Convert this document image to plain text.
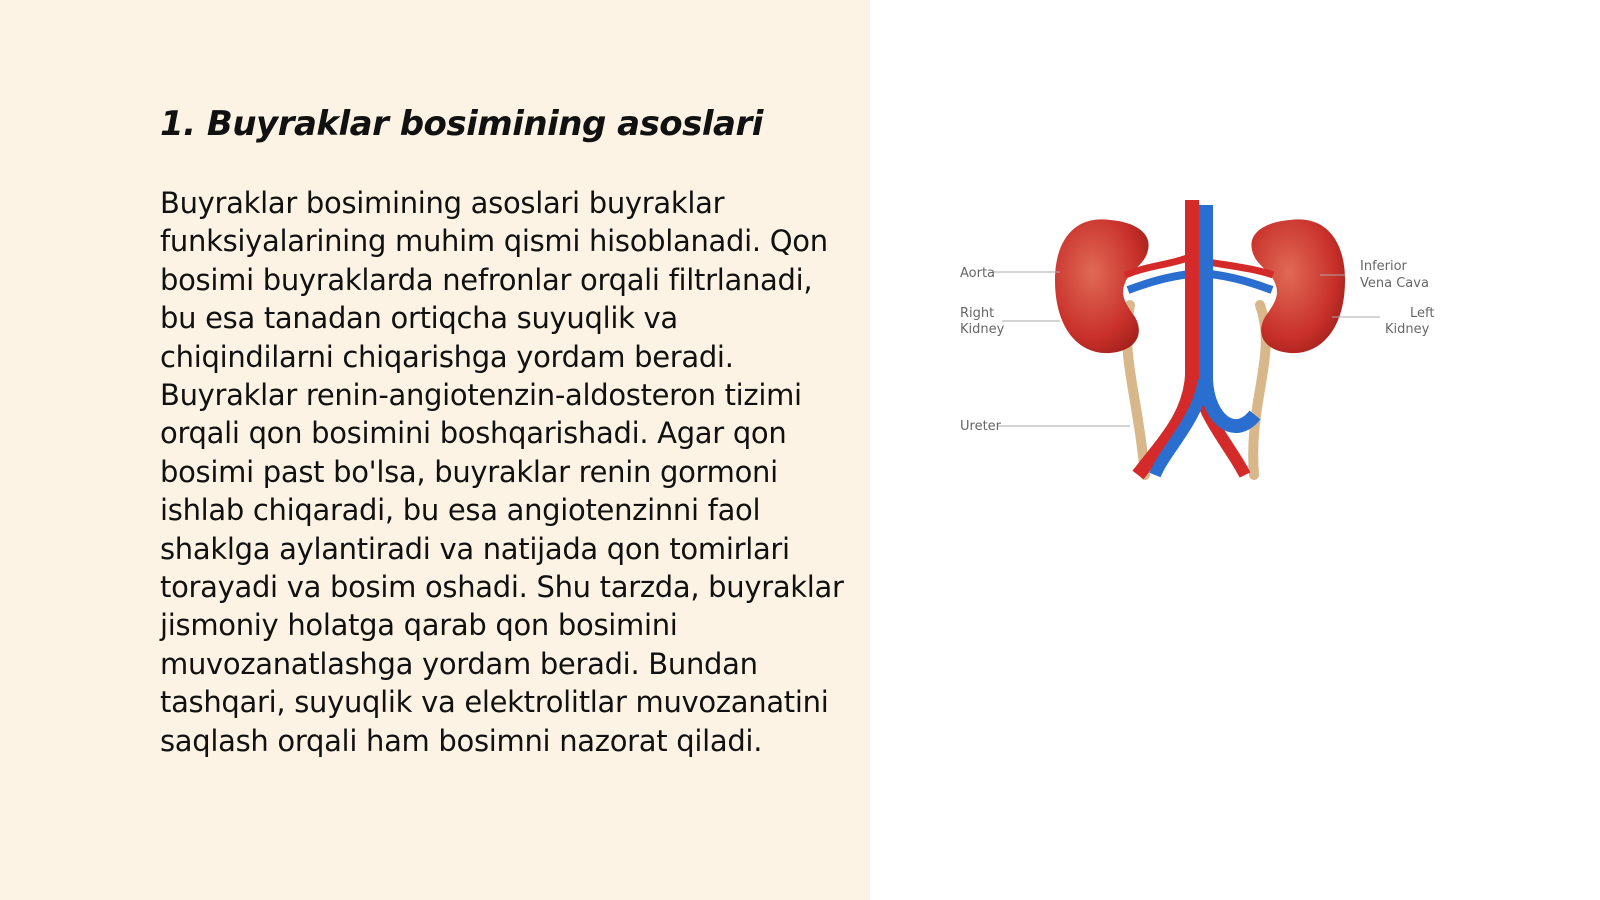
1. Buyraklar bosimining asoslari

Buyraklar bosimining asoslari buyraklar funksiyalarining muhim qismi hisoblanadi. Qon bosimi buyraklarda nefronlar orqali filtrlanadi, bu esa tanadan ortiqcha suyuqlik va chiqindilarni chiqarishga yordam beradi. Buyraklar renin-angiotenzin-aldosteron tizimi orqali qon bosimini boshqarishadi. Agar qon bosimi past bo'lsa, buyraklar renin gormoni ishlab chiqaradi, bu esa angiotenzinni faol shaklga aylantiradi va natijada qon tomirlari torayadi va bosim oshadi. Shu tarzda, buyraklar jismoniy holatga qarab qon bosimini muvozanatlashga yordam beradi. Bundan tashqari, suyuqlik va elektrolitlar muvozanatini saqlash orqali ham bosimni nazorat qiladi.

Aorta
Right
Kidney
Ureter
Inferior
Vena Cava
Left
Kidney
